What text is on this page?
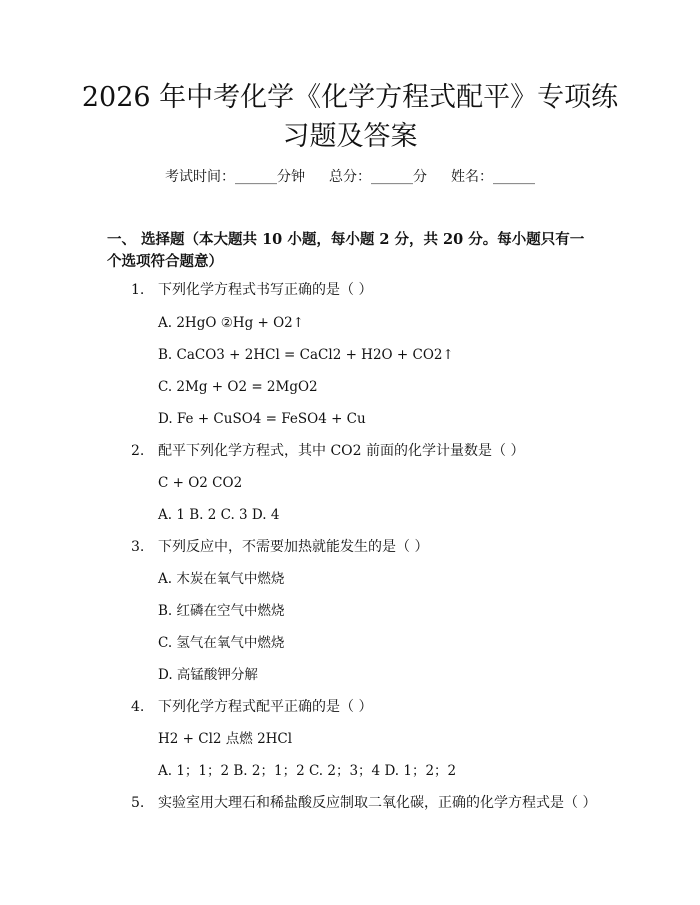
2026 年中考化学《化学方程式配平》专项练
习题及答案
考试时间：______分钟 总分：______分 姓名：______
一、 选择题（本大题共 10 小题，每小题 2 分，共 20 分。每小题只有一个选项符合题意）
1. 下列化学方程式书写正确的是（ ）
A. 2HgO ②Hg + O2↑
B. CaCO3 + 2HCl = CaCl2 + H2O + CO2↑
C. 2Mg + O2 = 2MgO2
D. Fe + CuSO4 = FeSO4 + Cu
2. 配平下列化学方程式，其中 CO2 前面的化学计量数是（ ）
C + O2 CO2
A. 1 B. 2 C. 3 D. 4
3. 下列反应中，不需要加热就能发生的是（ ）
A. 木炭在氧气中燃烧
B. 红磷在空气中燃烧
C. 氢气在氧气中燃烧
D. 高锰酸钾分解
4. 下列化学方程式配平正确的是（ ）
H2 + Cl2 点燃 2HCl
A. 1；1；2 B. 2；1；2 C. 2；3；4 D. 1；2；2
5. 实验室用大理石和稀盐酸反应制取二氧化碳，正确的化学方程式是（ ）
